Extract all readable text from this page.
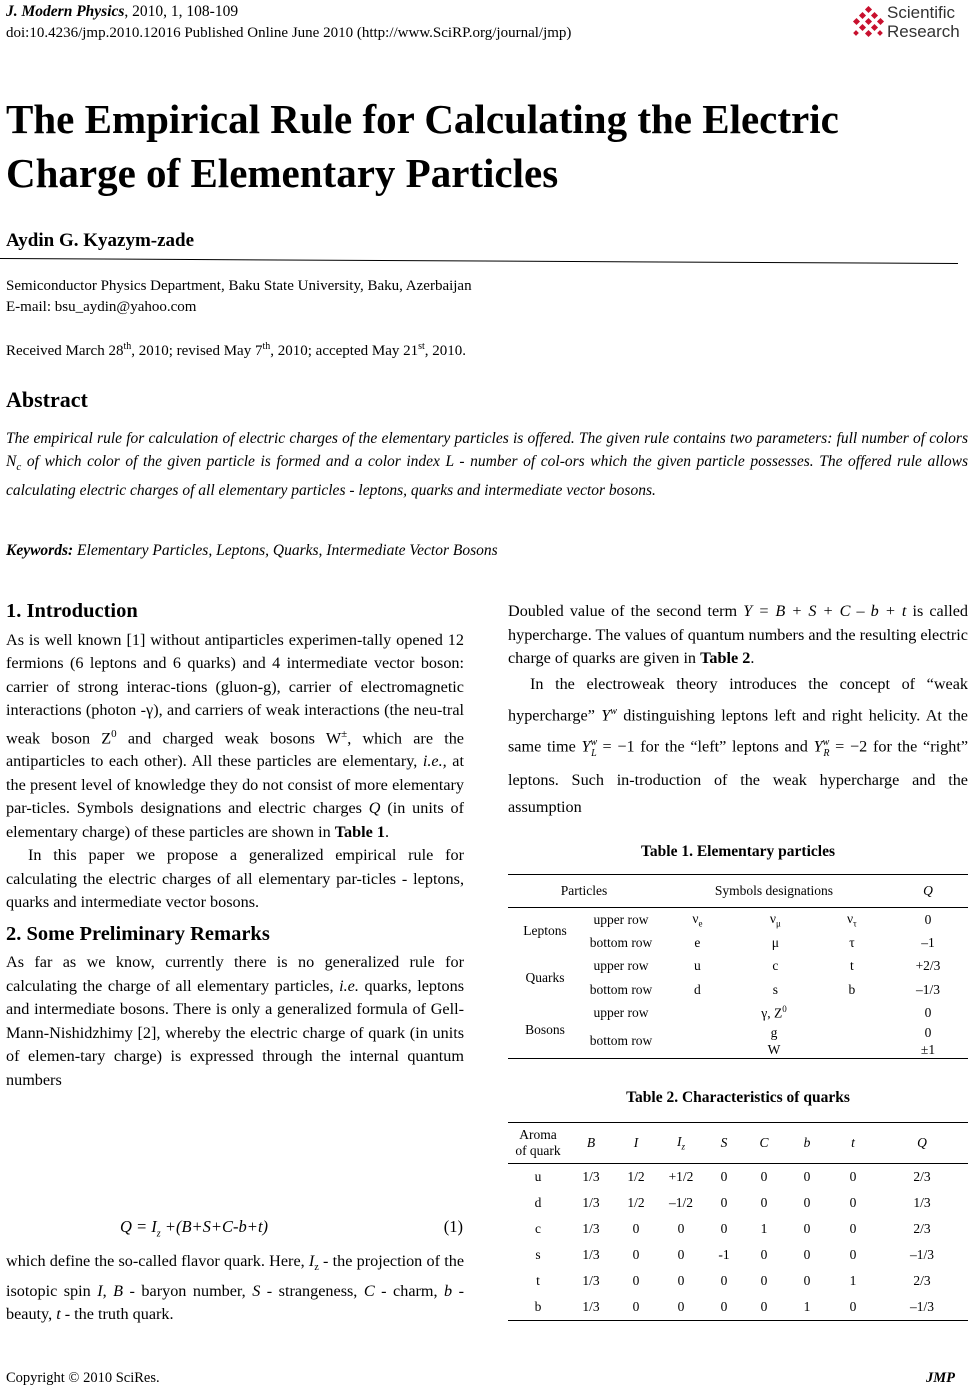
J. Modern Physics, 2010, 1, 108-109
doi:10.4236/jmp.2010.12016 Published Online June 2010 (http://www.SciRP.org/journal/jmp)
Scientific
Research
The Empirical Rule for Calculating the Electric
Charge of Elementary Particles
Aydin G. Kyazym-zade
Semiconductor Physics Department, Baku State University, Baku, Azerbaijan
E-mail: bsu_aydin@yahoo.com
Received March 28th, 2010; revised May 7th, 2010; accepted May 21st, 2010.
Abstract
The empirical rule for calculation of electric charges of the elementary particles is offered. The given rule contains two parameters: full number of colors $N_c$ of which color of the given particle is formed and a color index L - number of col-ors which the given particle possesses. The offered rule allows calculating electric charges of all elementary particles - leptons, quarks and intermediate vector bosons.
Keywords: Elementary Particles, Leptons, Quarks, Intermediate Vector Bosons
1. Introduction

As is well known [1] without antiparticles experimen-tally opened 12 fermions (6 leptons and 6 quarks) and 4 intermediate vector boson: carrier of strong interac-tions (gluon-g), carrier of electromagnetic interactions (photon -γ), and carriers of weak interactions (the neu-tral weak boson $Z^0$ and charged weak bosons W±, which are the antiparticles to each other). All these particles are elementary, i.e., at the present level of knowledge they do not consist of more elementary par-ticles. Symbols designations and electric charges Q (in units of elementary charge) of these particles are shown in Table 1.

In this paper we propose a generalized empirical rule for calculating the electric charges of all elementary par-ticles - leptons, quarks and intermediate vector bosons.

2. Some Preliminary Remarks

As far as we know, currently there is no generalized rule for calculating the charge of all elementary particles, i.e. quarks, leptons and intermediate bosons. There is only a generalized formula of Gell-Mann-Nishidzhimy [2], whereby the electric charge of quark (in units of elemen-tary charge) is expressed through the internal quantum numbers

$Q = I_z +(B+S+C-b+t)$	(1)

which define the so-called flavor quark. Here, $I_z$ - the projection of the isotopic spin I, B - baryon number, S - strangeness, C - charm, b - beauty, t - the truth quark.

Doubled value of the second term Y = B + S + C – b + t is called hypercharge. The values of quantum numbers and the resulting electric charge of quarks are given in Table 2.

In the electroweak theory introduces the concept of “weak hypercharge” $Y^w$ distinguishing leptons left and right helicity. At the same time $Y^w_L = -1$ for the “left” leptons and $Y^w_R = -2$ for the “right” leptons. Such in-troduction of the weak hypercharge and the assumption

Table 1. Elementary particles
Particles		Symbols designations			Q
Leptons	upper row	$\nu_e$	$\nu_\mu$	$\nu_\tau$	0
	bottom row	e	μ	τ	–1
Quarks	upper row	u	c	t	+2/3
	bottom row	d	s	b	–1/3
Bosons	upper row	γ, $Z^0$			0
	bottom row	g			0
		W			±1
Table 2. Characteristics of quarks
Aroma
of quark	B	I	$I_z$	S	C	b	t	Q
u	1/3	1/2	+1/2	0	0	0	0	2/3
d	1/3	1/2	–1/2	0	0	0	0	1/3
c	1/3	0	0	0	1	0	0	2/3
s	1/3	0	0	-1	0	0	0	–1/3
t	1/3	0	0	0	0	0	1	2/3
b	1/3	0	0	0	0	1	0	–1/3
Copyright © 2010 SciRes.	JMP
